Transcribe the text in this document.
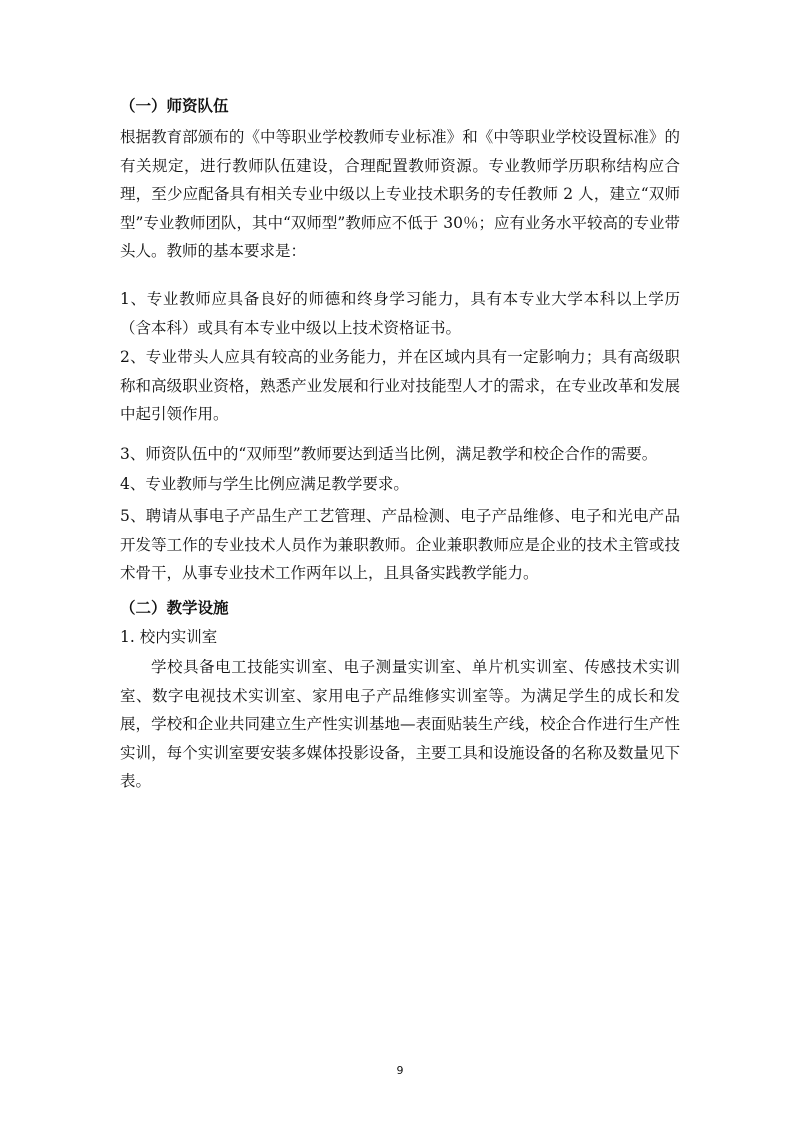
（一）师资队伍

根据教育部颁布的《中等职业学校教师专业标准》和《中等职业学校设置标准》的有关规定，进行教师队伍建设，合理配置教师资源。专业教师学历职称结构应合理，至少应配备具有相关专业中级以上专业技术职务的专任教师 2 人，建立“双师型”专业教师团队，其中“双师型”教师应不低于 30％；应有业务水平较高的专业带头人。教师的基本要求是：

1、专业教师应具备良好的师德和终身学习能力，具有本专业大学本科以上学历（含本科）或具有本专业中级以上技术资格证书。

2、专业带头人应具有较高的业务能力，并在区域内具有一定影响力；具有高级职称和高级职业资格，熟悉产业发展和行业对技能型人才的需求，在专业改革和发展中起引领作用。

3、师资队伍中的“双师型”教师要达到适当比例，满足教学和校企合作的需要。

4、专业教师与学生比例应满足教学要求。

5、聘请从事电子产品生产工艺管理、产品检测、电子产品维修、电子和光电产品开发等工作的专业技术人员作为兼职教师。企业兼职教师应是企业的技术主管或技术骨干，从事专业技术工作两年以上，且具备实践教学能力。

（二）教学设施

1. 校内实训室

学校具备电工技能实训室、电子测量实训室、单片机实训室、传感技术实训室、数字电视技术实训室、家用电子产品维修实训室等。为满足学生的成长和发展，学校和企业共同建立生产性实训基地—表面贴装生产线，校企合作进行生产性实训，每个实训室要安装多媒体投影设备，主要工具和设施设备的名称及数量见下表。

9
